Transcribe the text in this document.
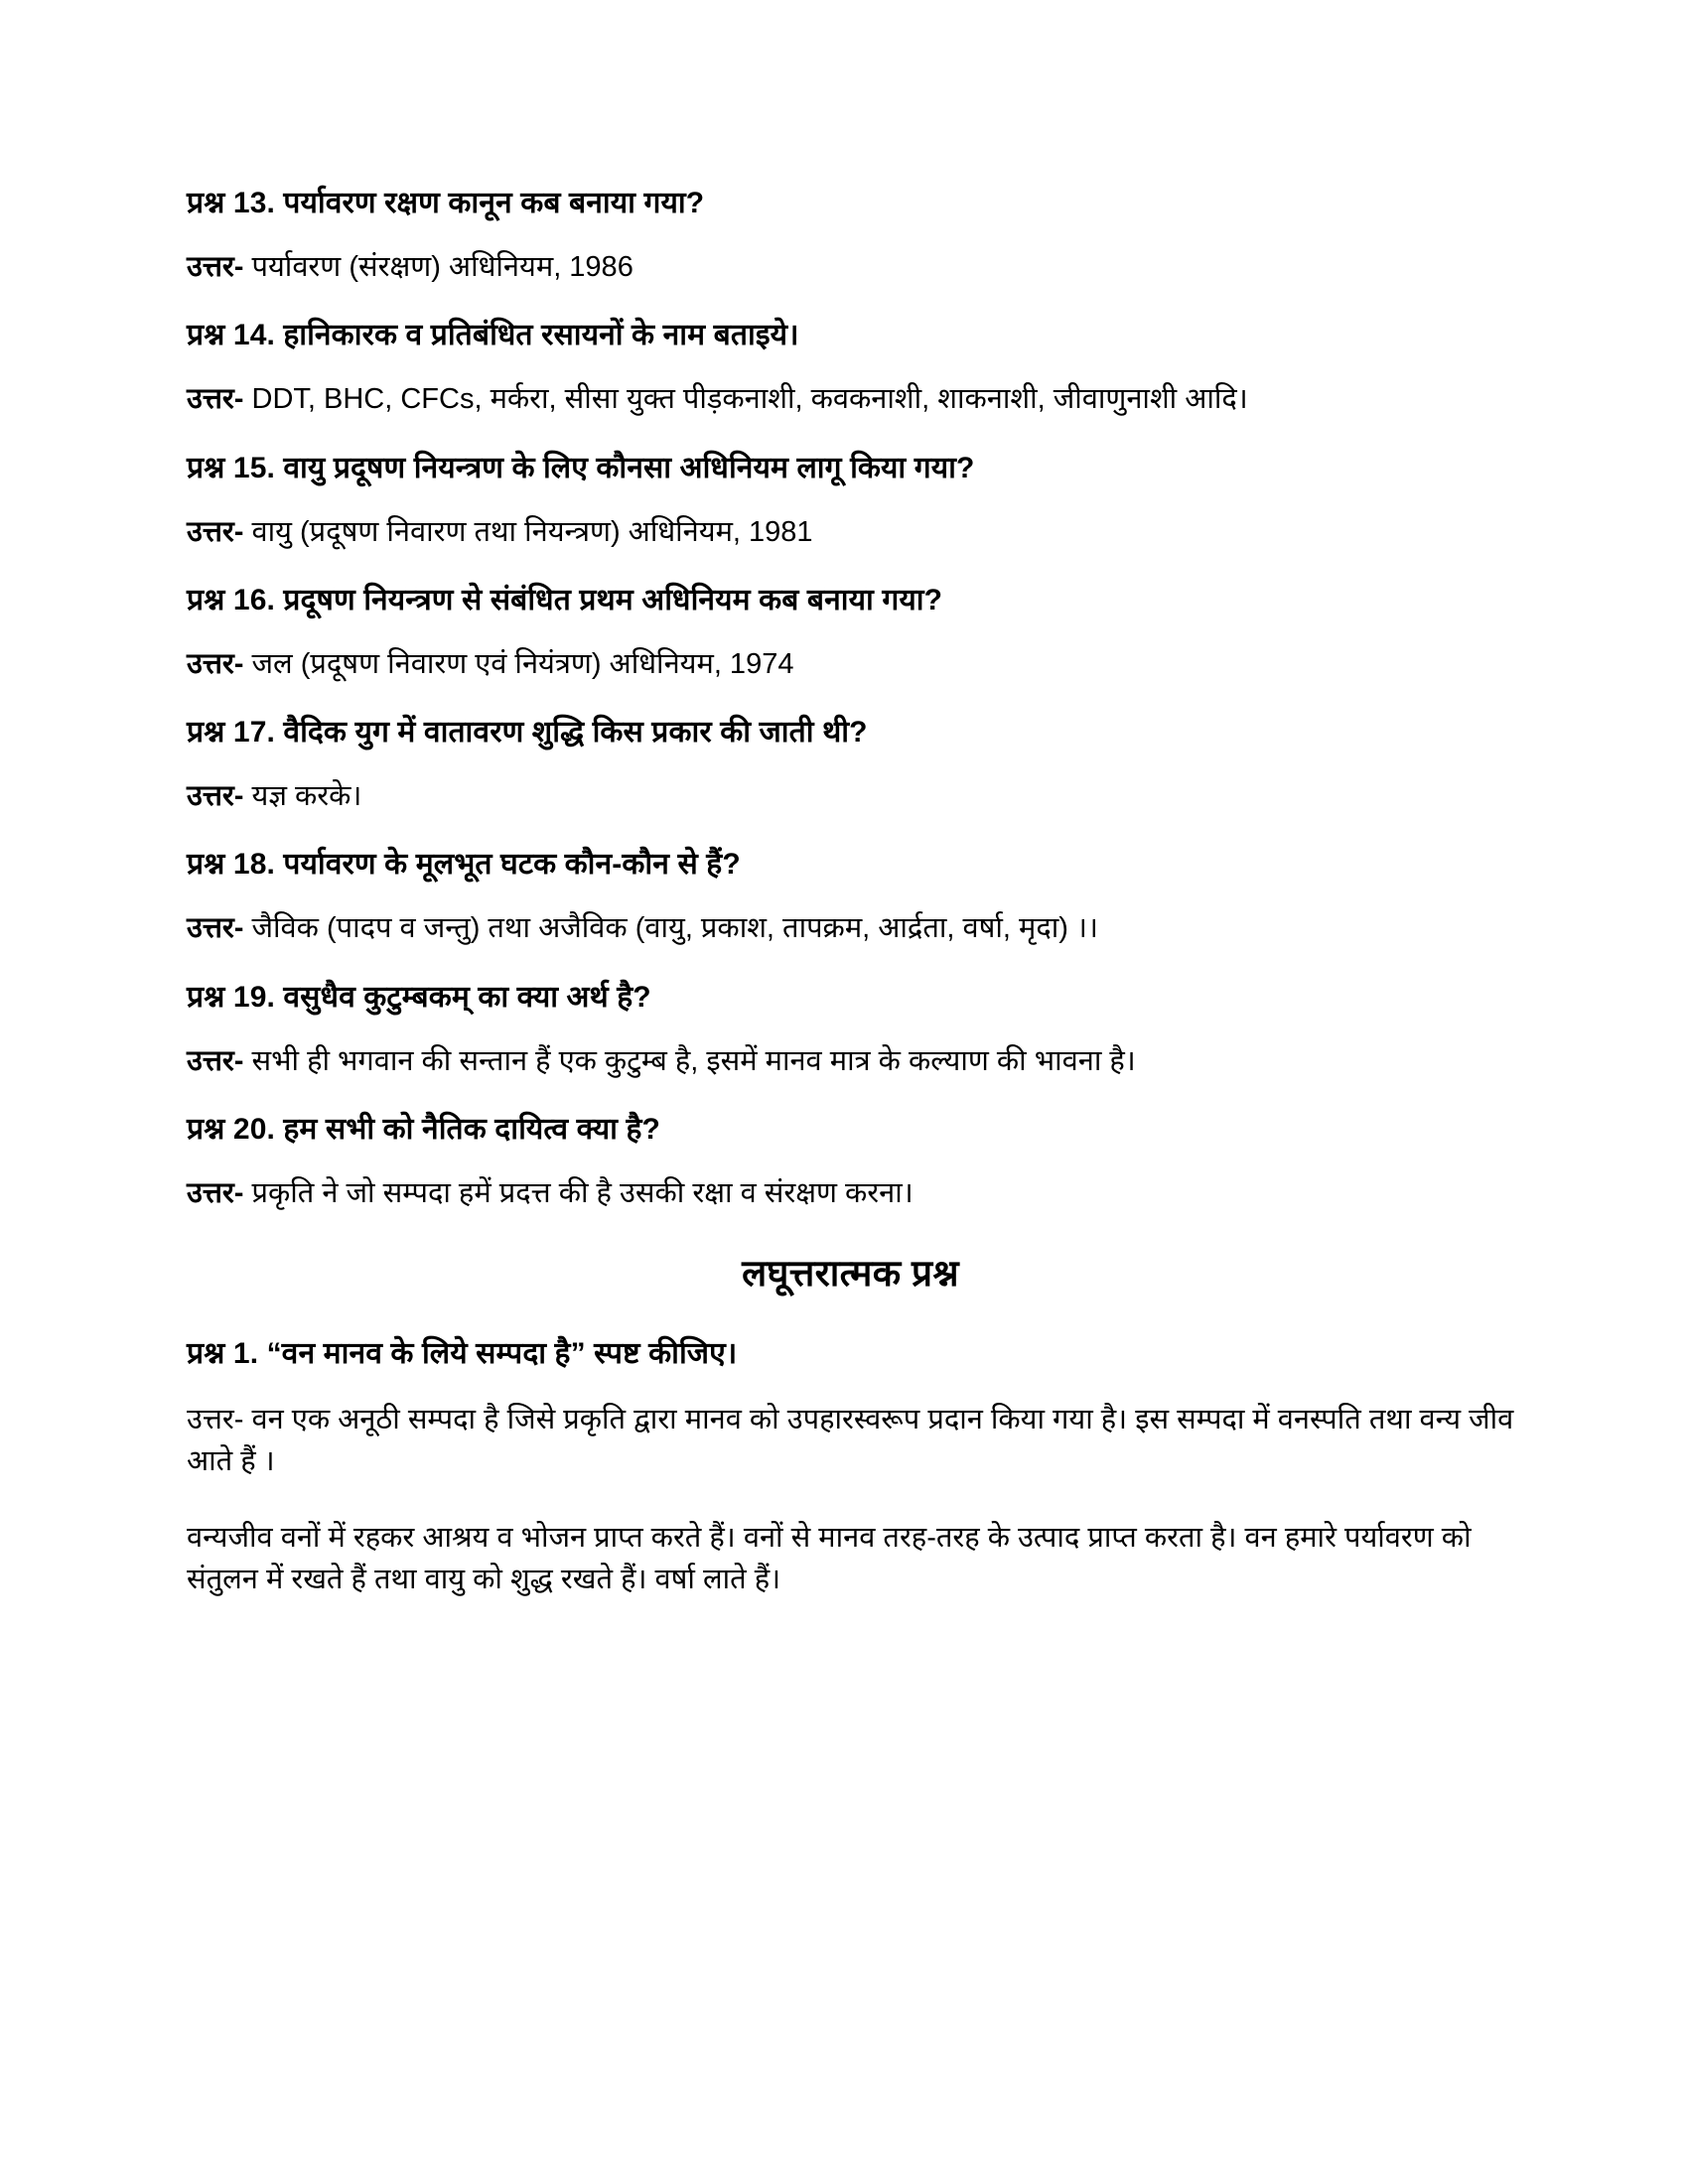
प्रश्न 13. पर्यावरण रक्षण कानून कब बनाया गया?
उत्तर- पर्यावरण (संरक्षण) अधिनियम, 1986
प्रश्न 14. हानिकारक व प्रतिबंधित रसायनों के नाम बताइये।
उत्तर- DDT, BHC, CFCs, मर्करा, सीसा युक्त पीड़कनाशी, कवकनाशी, शाकनाशी, जीवाणुनाशी आदि।
प्रश्न 15. वायु प्रदूषण नियन्त्रण के लिए कौनसा अधिनियम लागू किया गया?
उत्तर- वायु (प्रदूषण निवारण तथा नियन्त्रण) अधिनियम, 1981
प्रश्न 16. प्रदूषण नियन्त्रण से संबंधित प्रथम अधिनियम कब बनाया गया?
उत्तर- जल (प्रदूषण निवारण एवं नियंत्रण) अधिनियम, 1974
प्रश्न 17. वैदिक युग में वातावरण शुद्धि किस प्रकार की जाती थी?
उत्तर- यज्ञ करके।
प्रश्न 18. पर्यावरण के मूलभूत घटक कौन-कौन से हैं?
उत्तर- जैविक (पादप व जन्तु) तथा अजैविक (वायु, प्रकाश, तापक्रम, आर्द्रता, वर्षा, मृदा) ।।
प्रश्न 19. वसुधैव कुटुम्बकम् का क्या अर्थ है?
उत्तर- सभी ही भगवान की सन्तान हैं एक कुटुम्ब है, इसमें मानव मात्र के कल्याण की भावना है।
प्रश्न 20. हम सभी को नैतिक दायित्व क्या है?
उत्तर- प्रकृति ने जो सम्पदा हमें प्रदत्त की है उसकी रक्षा व संरक्षण करना।
लघूत्तरात्मक प्रश्न
प्रश्न 1. “वन मानव के लिये सम्पदा है” स्पष्ट कीजिए।
उत्तर- वन एक अनूठी सम्पदा है जिसे प्रकृति द्वारा मानव को उपहारस्वरूप प्रदान किया गया है। इस सम्पदा में वनस्पति तथा वन्य जीव आते हैं ।
वन्यजीव वनों में रहकर आश्रय व भोजन प्राप्त करते हैं। वनों से मानव तरह-तरह के उत्पाद प्राप्त करता है। वन हमारे पर्यावरण को संतुलन में रखते हैं तथा वायु को शुद्ध रखते हैं। वर्षा लाते हैं।
